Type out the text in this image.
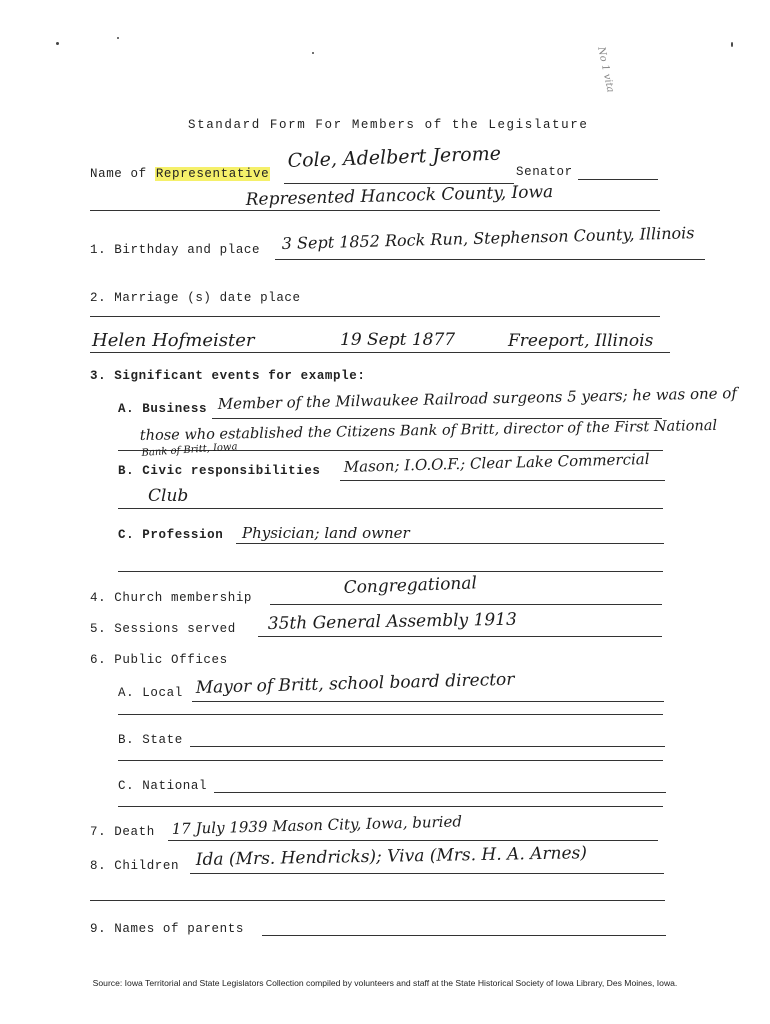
No 1 vita
Standard Form For Members of the Legislature
Name of Representative
Cole, Adelbert Jerome Senator
Represented Hancock County, Iowa
1. Birthday and place 3 Sept 1852 Rock Run, Stephenson County, Illinois
2. Marriage (s) date place
Helen Hofmeister	19 Sept 1877	Freeport, Illinois
3. Significant events for example:
A. Business Member of the Milwaukee Railroad surgeons 5 years; he was one of
those who established the Citizens Bank of Britt, director of the First National
Bank of Britt, Iowa
B. Civic responsibilities Mason; I.O.O.F.; Clear Lake Commercial
Club
C. Profession Physician; land owner
4. Church membership	Congregational
5. Sessions served 35th General Assembly 1913
6. Public Offices
A. Local Mayor of Britt, school board director
B. State
C. National
7. Death 17 July 1939 Mason City, Iowa, buried
8. Children Ida (Mrs. Hendricks); Viva (Mrs. H. A. Arnes)
9. Names of parents
Source: Iowa Territorial and State Legislators Collection compiled by volunteers and staff at the State Historical Society of Iowa Library, Des Moines, Iowa.
